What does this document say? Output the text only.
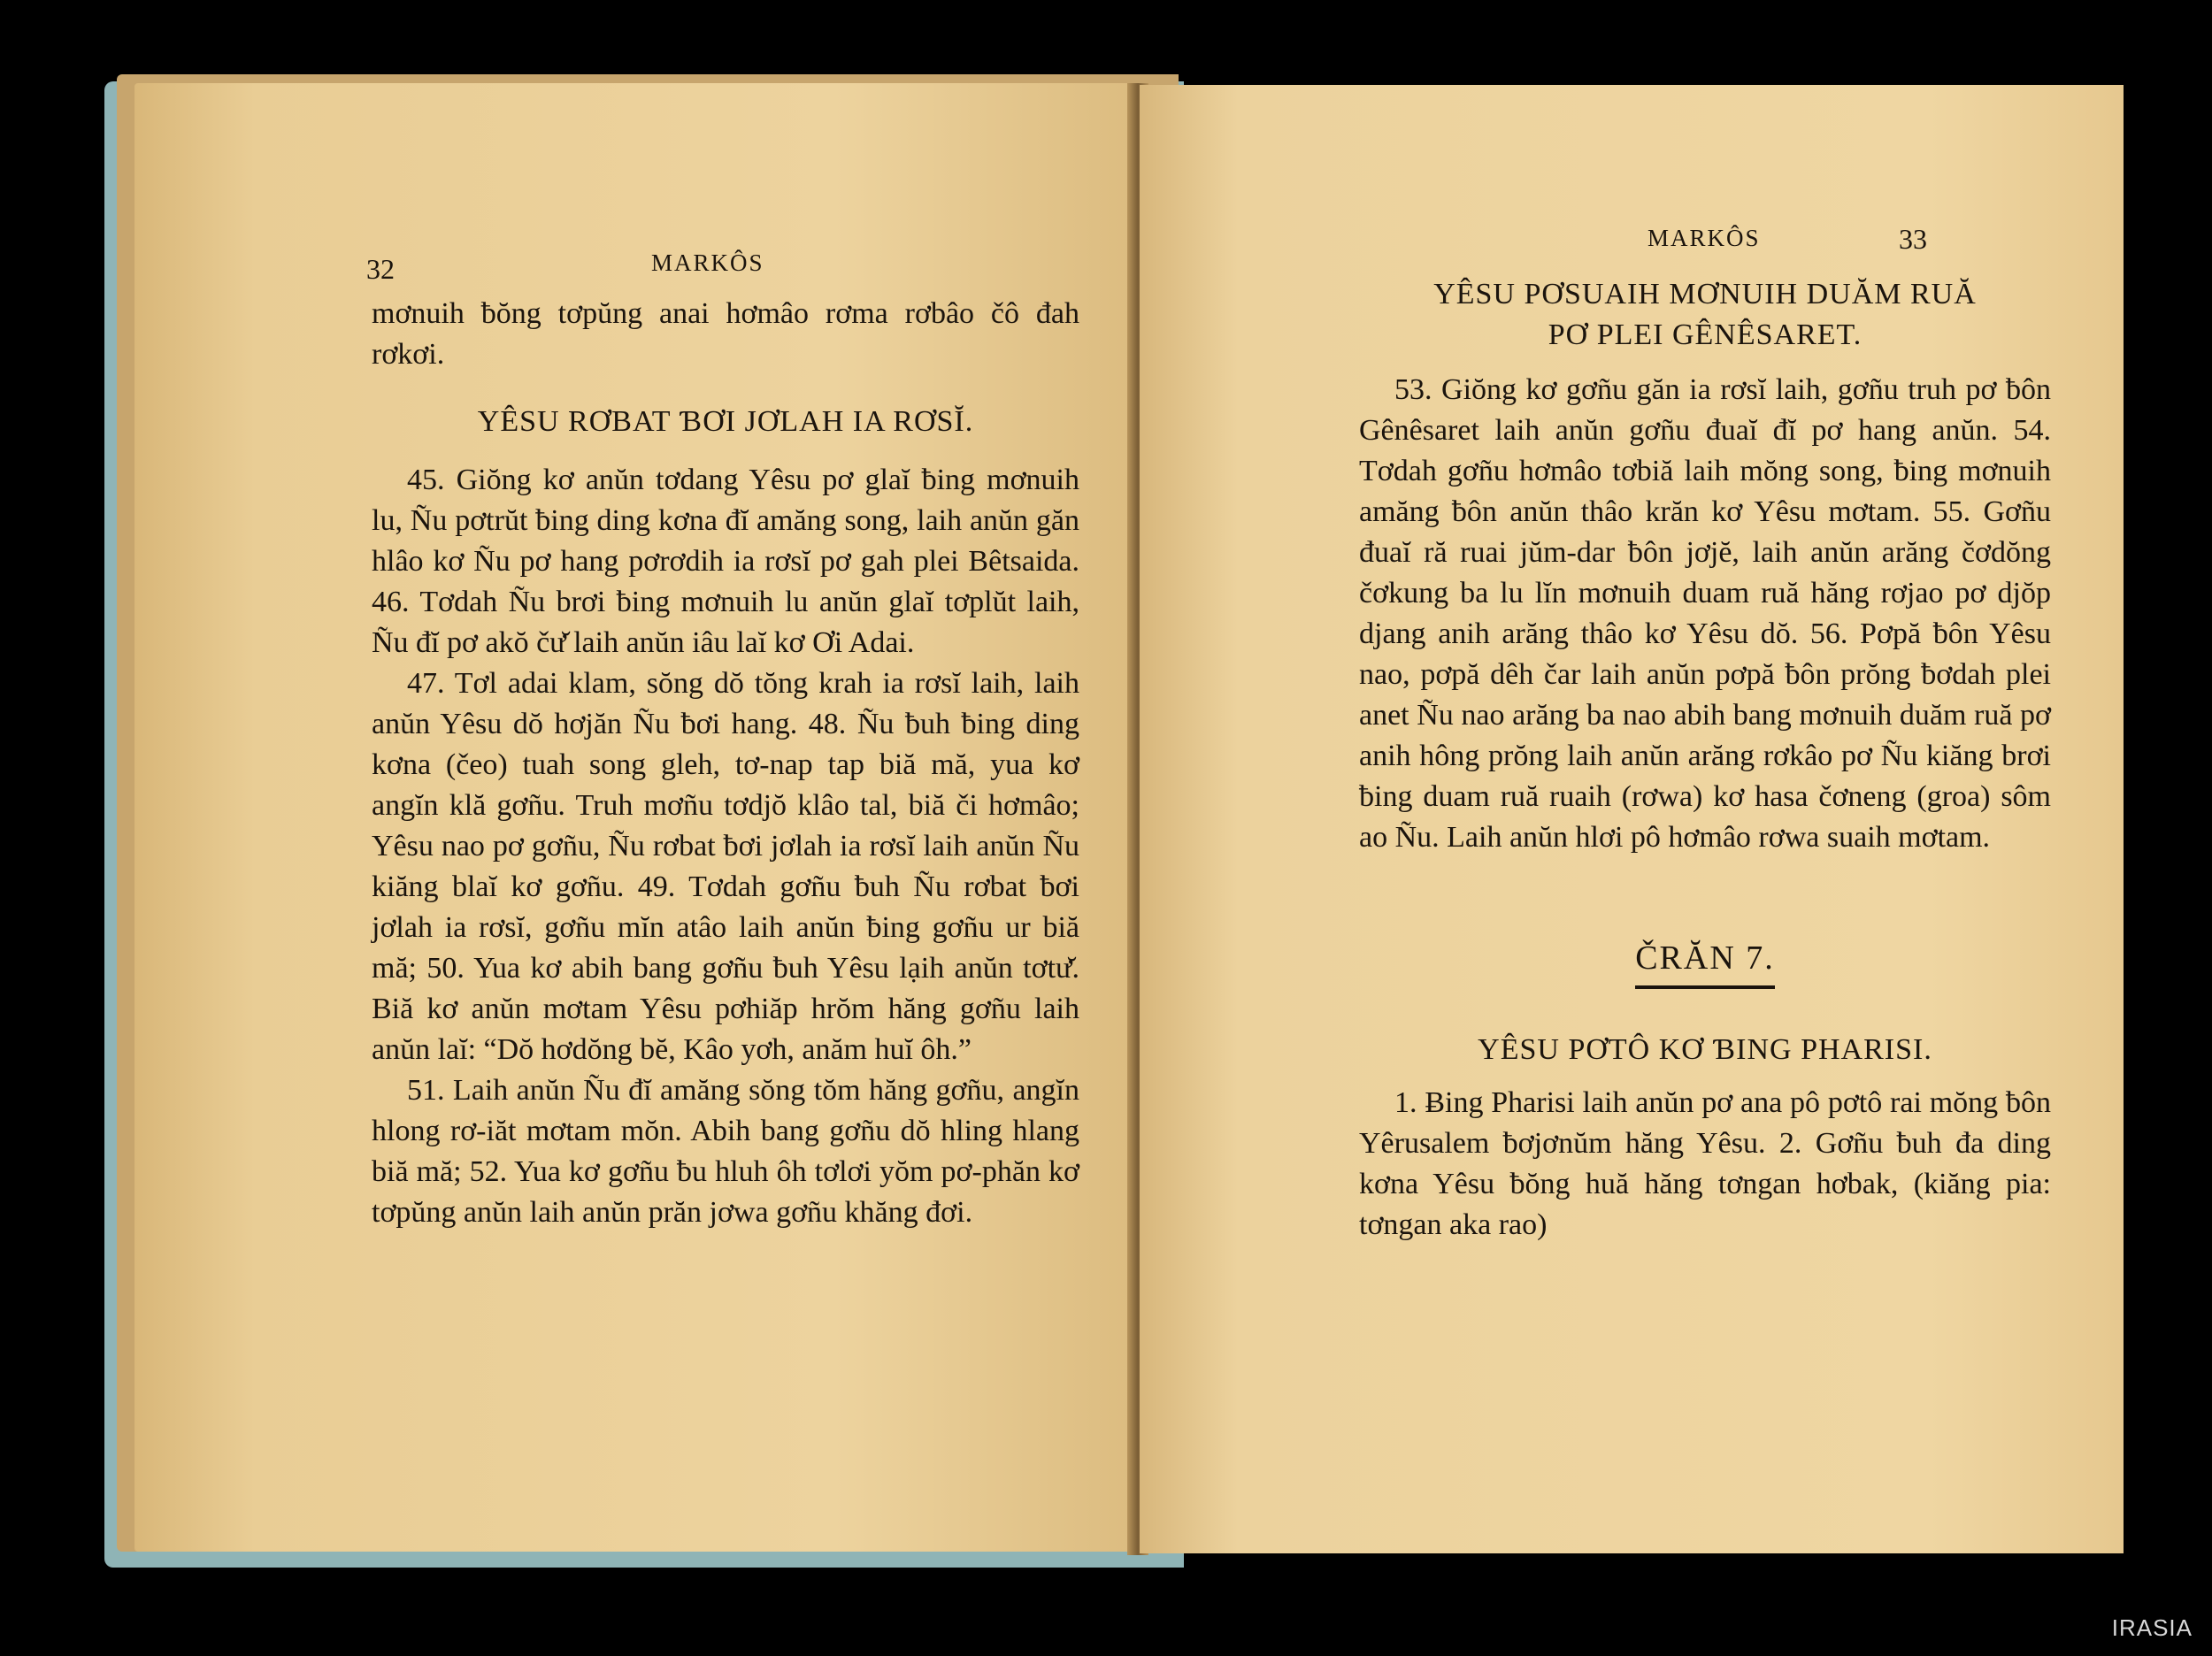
32	MARKÔS

mơnuih ƀŏng tơpŭng anai hơmâo rơma rơbâo čô đah rơkơi.

YÊSU RƠBAT ƁƠI JƠLAH IA RƠSĬ.

45. Giŏng kơ anŭn tơdang Yêsu pơ glaĭ ƀing mơnuih lu, Ñu pơtrŭt ƀing ding kơna đĭ amăng song, laih anŭn găn hlâo kơ Ñu pơ hang pơrơdih ia rơsĭ pơ gah plei Bêtsaida. 46. Tơdah Ñu brơi ƀing mơnuih lu anŭn glaĭ tơplŭt laih, Ñu đĭ pơ akŏ čư̆ laih anŭn iâu laĭ kơ Ơi Adai.

47. Tơl adai klam, sŏng dŏ tŏng krah ia rơsĭ laih, laih anŭn Yêsu dŏ hơjăn Ñu ƀơi hang. 48. Ñu ƀuh ƀing ding kơna (čeo) tuah song gleh, tơ-nap tap biă mă, yua kơ angĭn klă gơñu. Truh mơñu tơdjŏ klâo tal, biă či hơmâo; Yêsu nao pơ gơñu, Ñu rơbat ƀơi jơlah ia rơsĭ laih anŭn Ñu kiăng blaĭ kơ gơñu. 49. Tơdah gơñu ƀuh Ñu rơbat ƀơi jơlah ia rơsĭ, gơñu mĭn atâo laih anŭn ƀing gơñu ur biă mă; 50. Yua kơ abih bang gơñu ƀuh Yêsu lạih anŭn tơtư̆. Biă kơ anŭn mơtam Yêsu pơhiăp hrŏm hăng gơñu laih anŭn laĭ: “Dŏ hơdŏng bĕ, Kâo yơh, anăm huĭ ôh.”

51. Laih anŭn Ñu đĭ amăng sŏng tŏm hăng gơñu, angĭn hlong rơ-iăt mơtam mŏn. Abih bang gơñu dŏ hling hlang biă mă; 52. Yua kơ gơñu ƀu hluh ôh tơlơi yŏm pơ-phăn kơ tơpŭng anŭn laih anŭn prăn jơwa gơñu khăng đơi.

MARKÔS	33
YÊSU PƠSUAIH MƠNUIH DUĂM RUĂ
PƠ PLEI GÊNÊSARET.

53. Giŏng kơ gơñu găn ia rơsĭ laih, gơñu truh pơ ƀôn Gênêsaret laih anŭn gơñu đuaĭ đĭ pơ hang anŭn. 54. Tơdah gơñu hơmâo tơbiă laih mŏng song, ƀing mơnuih amăng ƀôn anŭn thâo krăn kơ Yêsu mơtam. 55. Gơñu đuaĭ ră ruai jŭm-dar ƀôn jơjĕ, laih anŭn arăng čơdŏng čơkung ba lu lĭn mơnuih duam ruă hăng rơjao pơ djŏp djang anih arăng thâo kơ Yêsu dŏ. 56. Pơpă ƀôn Yêsu nao, pơpă dêh čar laih anŭn pơpă ƀôn prŏng ƀơdah plei anet Ñu nao arăng ba nao abih bang mơnuih duăm ruă pơ anih hông prŏng laih anŭn arăng rơkâo pơ Ñu kiăng brơi ƀing duam ruă ruaih (rơwa) kơ hasa čơneng (groa) sôm ao Ñu. Laih anŭn hlơi pô hơmâo rơwa suaih mơtam.

ČRĂN 7.
YÊSU PƠTÔ KƠ ƁING PHARISI.

1. Ƀing Pharisi laih anŭn pơ ana pô pơtô rai mŏng ƀôn Yêrusalem ƀơjơnŭm hăng Yêsu. 2. Gơñu ƀuh đa ding kơna Yêsu ƀŏng huă hăng tơngan hơbak, (kiăng pia: tơngan aka rao)

IRASIA
